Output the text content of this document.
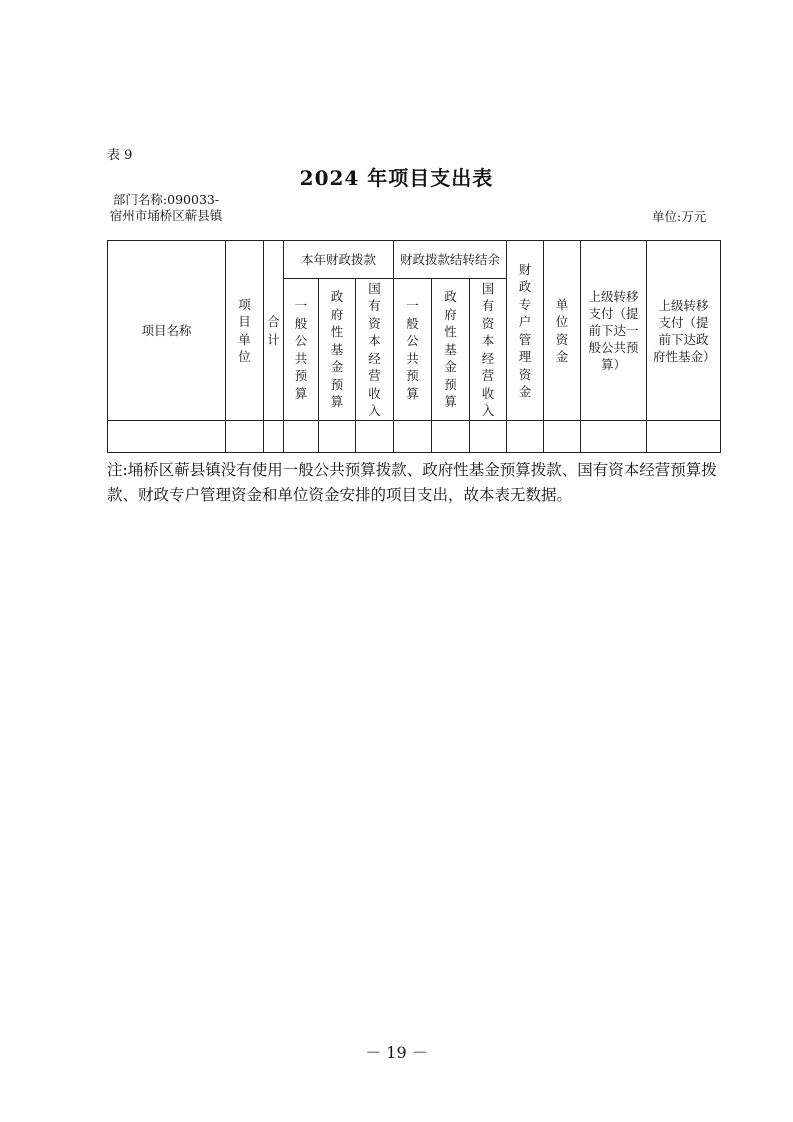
表 9
2024 年项目支出表
部门名称:090033-宿州市埇桥区蕲县镇	单位:万元
项目名称	项目单位	合计	本年财政拨款			财政拨款结转结余			财政专户管理资金	单位资金	上级转移支付（提前下达一般公共预算）	上级转移支付（提前下达政府性基金）

			一般公共预算	政府性基金预算	国有资本经营收入	一般公共预算	政府性基金预算	国有资本经营收入				

注:埇桥区蕲县镇没有使用一般公共预算拨款、政府性基金预算拨款、国有资本经营预算拨款、财政专户管理资金和单位资金安排的项目支出，故本表无数据。
－ 19 －
